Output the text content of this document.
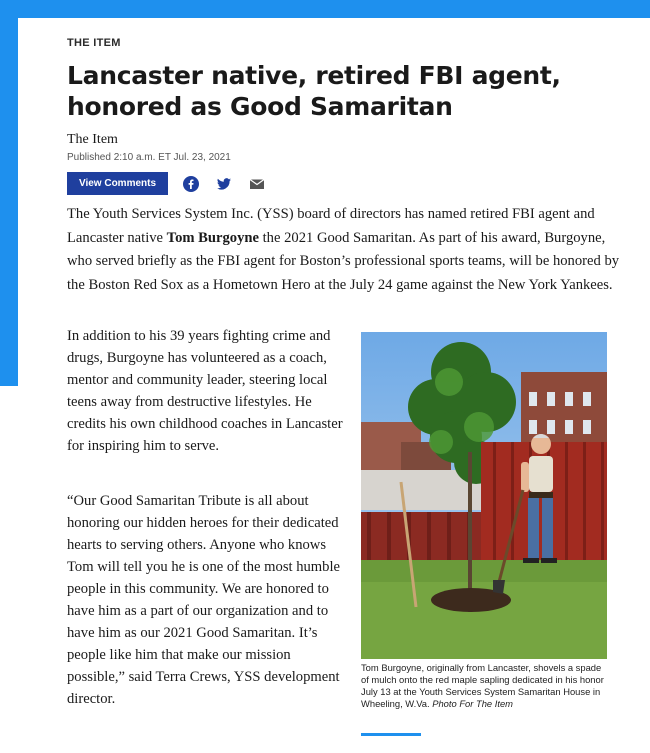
THE ITEM
Lancaster native, retired FBI agent, honored as Good Samaritan
The Item
Published 2:10 a.m. ET Jul. 23, 2021
View Comments

The Youth Services System Inc. (YSS) board of directors has named retired FBI agent and Lancaster native Tom Burgoyne the 2021 Good Samaritan. As part of his award, Burgoyne, who served briefly as the FBI agent for Boston’s professional sports teams, will be honored by the Boston Red Sox as a Hometown Hero at the July 24 game against the New York Yankees.

In addition to his 39 years fighting crime and drugs, Burgoyne has volunteered as a coach, mentor and community leader, steering local teens away from destructive lifestyles. He credits his own childhood coaches in Lancaster for inspiring him to serve.

“Our Good Samaritan Tribute is all about honoring our hidden heroes for their dedicated hearts to serving others. Anyone who knows Tom will tell you he is one of the most humble people in this community. We are honored to have him as a part of our organization and to have him as our 2021 Good Samaritan. It’s people like him that make our mission possible,” said Terra Crews, YSS development director.

Tom Burgoyne, originally from Lancaster, shovels a spade of mulch onto the red maple sapling dedicated in his honor July 13 at the Youth Services System Samaritan House in Wheeling, W.Va. Photo For The Item
